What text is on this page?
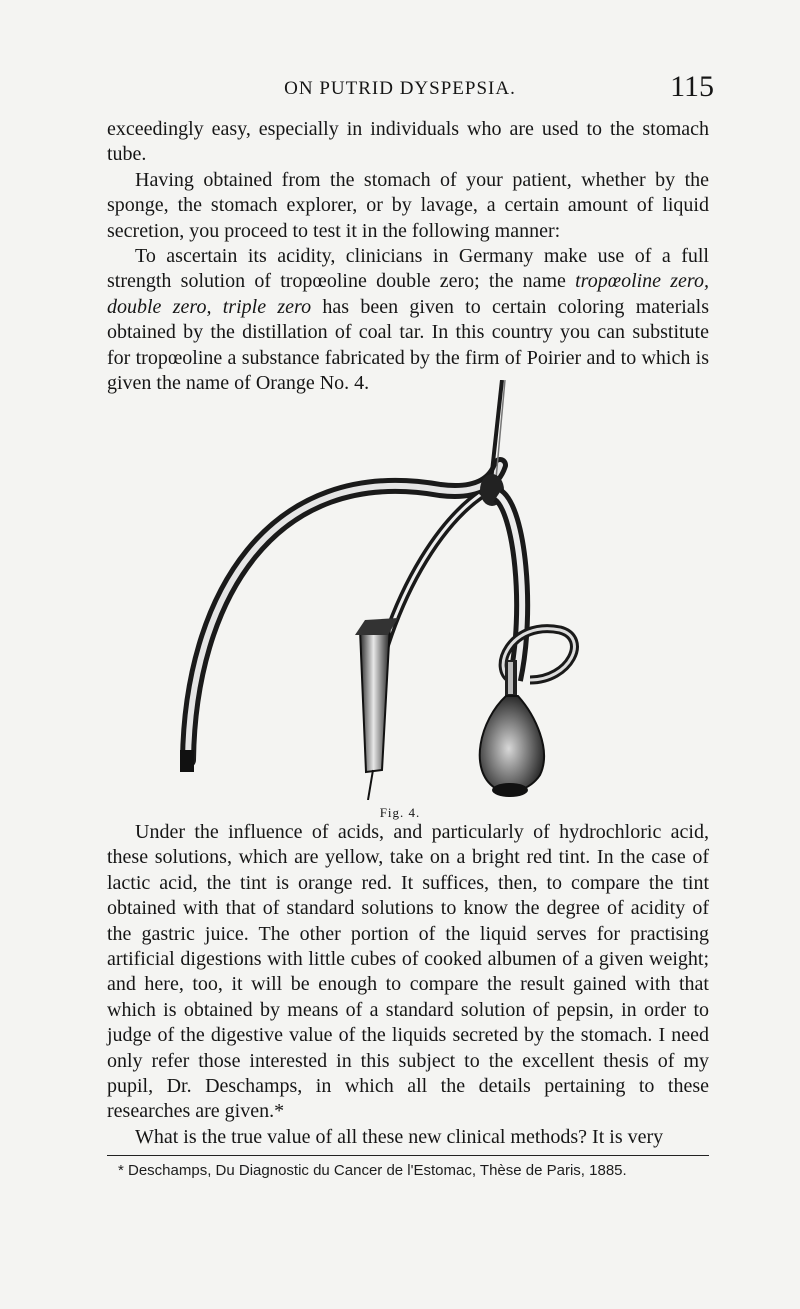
ON PUTRID DYSPEPSIA.	115

exceedingly easy, especially in individuals who are used to the stomach tube.

Having obtained from the stomach of your patient, whether by the sponge, the stomach explorer, or by lavage, a certain amount of liquid secretion, you proceed to test it in the following manner:

To ascertain its acidity, clinicians in Germany make use of a full strength solution of tropœoline double zero; the name tropœoline zero, double zero, triple zero has been given to certain coloring materials obtained by the distillation of coal tar. In this country you can substitute for tropœoline a substance fabricated by the firm of Poirier and to which is given the name of Orange No. 4.

Fig. 4.

Under the influence of acids, and particularly of hydrochloric acid, these solutions, which are yellow, take on a bright red tint. In the case of lactic acid, the tint is orange red. It suffices, then, to compare the tint obtained with that of standard solutions to know the degree of acidity of the gastric juice. The other portion of the liquid serves for practising artificial digestions with little cubes of cooked albumen of a given weight; and here, too, it will be enough to compare the result gained with that which is obtained by means of a standard solution of pepsin, in order to judge of the digestive value of the liquids secreted by the stomach. I need only refer those interested in this subject to the excellent thesis of my pupil, Dr. Deschamps, in which all the details pertaining to these researches are given.*

What is the true value of all these new clinical methods? It is very

* Deschamps, Du Diagnostic du Cancer de l'Estomac, Thèse de Paris, 1885.
